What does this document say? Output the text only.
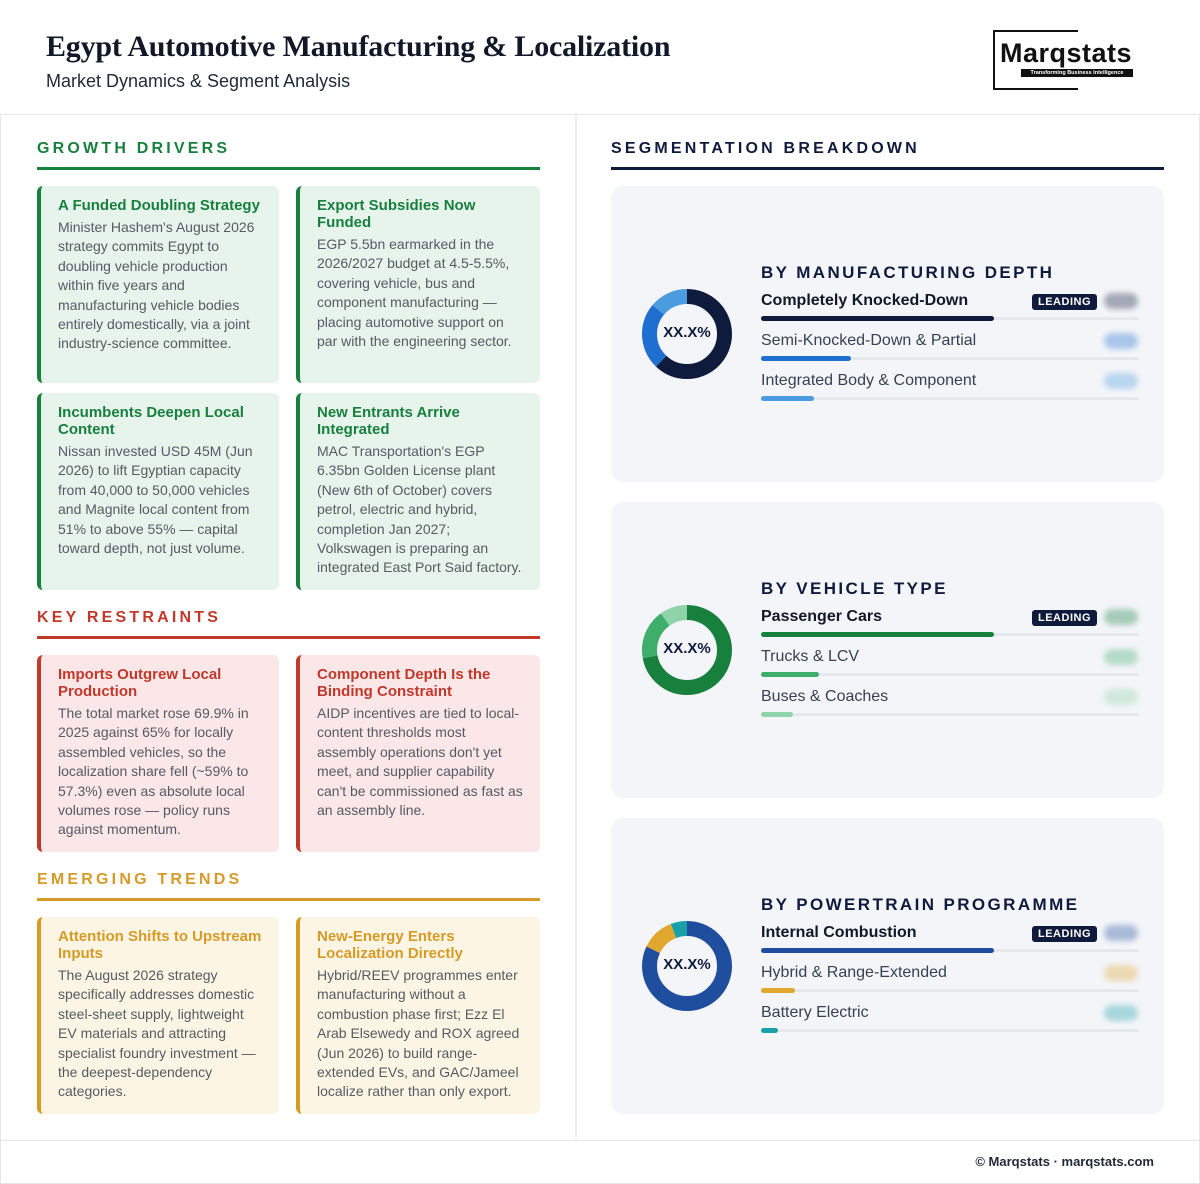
Egypt Automotive Manufacturing & Localization
Market Dynamics & Segment Analysis
Marqstats
Transforming Business Intelligence
GROWTH DRIVERS
A Funded Doubling Strategy
Minister Hashem's August 2026 strategy commits Egypt to doubling vehicle production within five years and manufacturing vehicle bodies entirely domestically, via a joint industry-science committee.
Export Subsidies Now Funded
EGP 5.5bn earmarked in the 2026/2027 budget at 4.5-5.5%, covering vehicle, bus and component manufacturing — placing automotive support on par with the engineering sector.
Incumbents Deepen Local Content
Nissan invested USD 45M (Jun 2026) to lift Egyptian capacity from 40,000 to 50,000 vehicles and Magnite local content from 51% to above 55% — capital toward depth, not just volume.
New Entrants Arrive Integrated
MAC Transportation's EGP 6.35bn Golden License plant (New 6th of October) covers petrol, electric and hybrid, completion Jan 2027; Volkswagen is preparing an integrated East Port Said factory.
KEY RESTRAINTS
Imports Outgrew Local Production
The total market rose 69.9% in 2025 against 65% for locally assembled vehicles, so the localization share fell (~59% to 57.3%) even as absolute local volumes rose — policy runs against momentum.
Component Depth Is the Binding Constraint
AIDP incentives are tied to local-content thresholds most assembly operations don't yet meet, and supplier capability can't be commissioned as fast as an assembly line.
EMERGING TRENDS
Attention Shifts to Upstream Inputs
The August 2026 strategy specifically addresses domestic steel-sheet supply, lightweight EV materials and attracting specialist foundry investment — the deepest-dependency categories.
New-Energy Enters Localization Directly
Hybrid/REEV programmes enter manufacturing without a combustion phase first; Ezz El Arab Elsewedy and ROX agreed (Jun 2026) to build range-extended EVs, and GAC/Jameel localize rather than only export.
SEGMENTATION BREAKDOWN
XX.X%
BY MANUFACTURING DEPTH
Completely Knocked-Down	LEADING
Semi-Knocked-Down & Partial
Integrated Body & Component
XX.X%
BY VEHICLE TYPE
Passenger Cars	LEADING
Trucks & LCV
Buses & Coaches
XX.X%
BY POWERTRAIN PROGRAMME
Internal Combustion	LEADING
Hybrid & Range-Extended
Battery Electric
© Marqstats · marqstats.com
